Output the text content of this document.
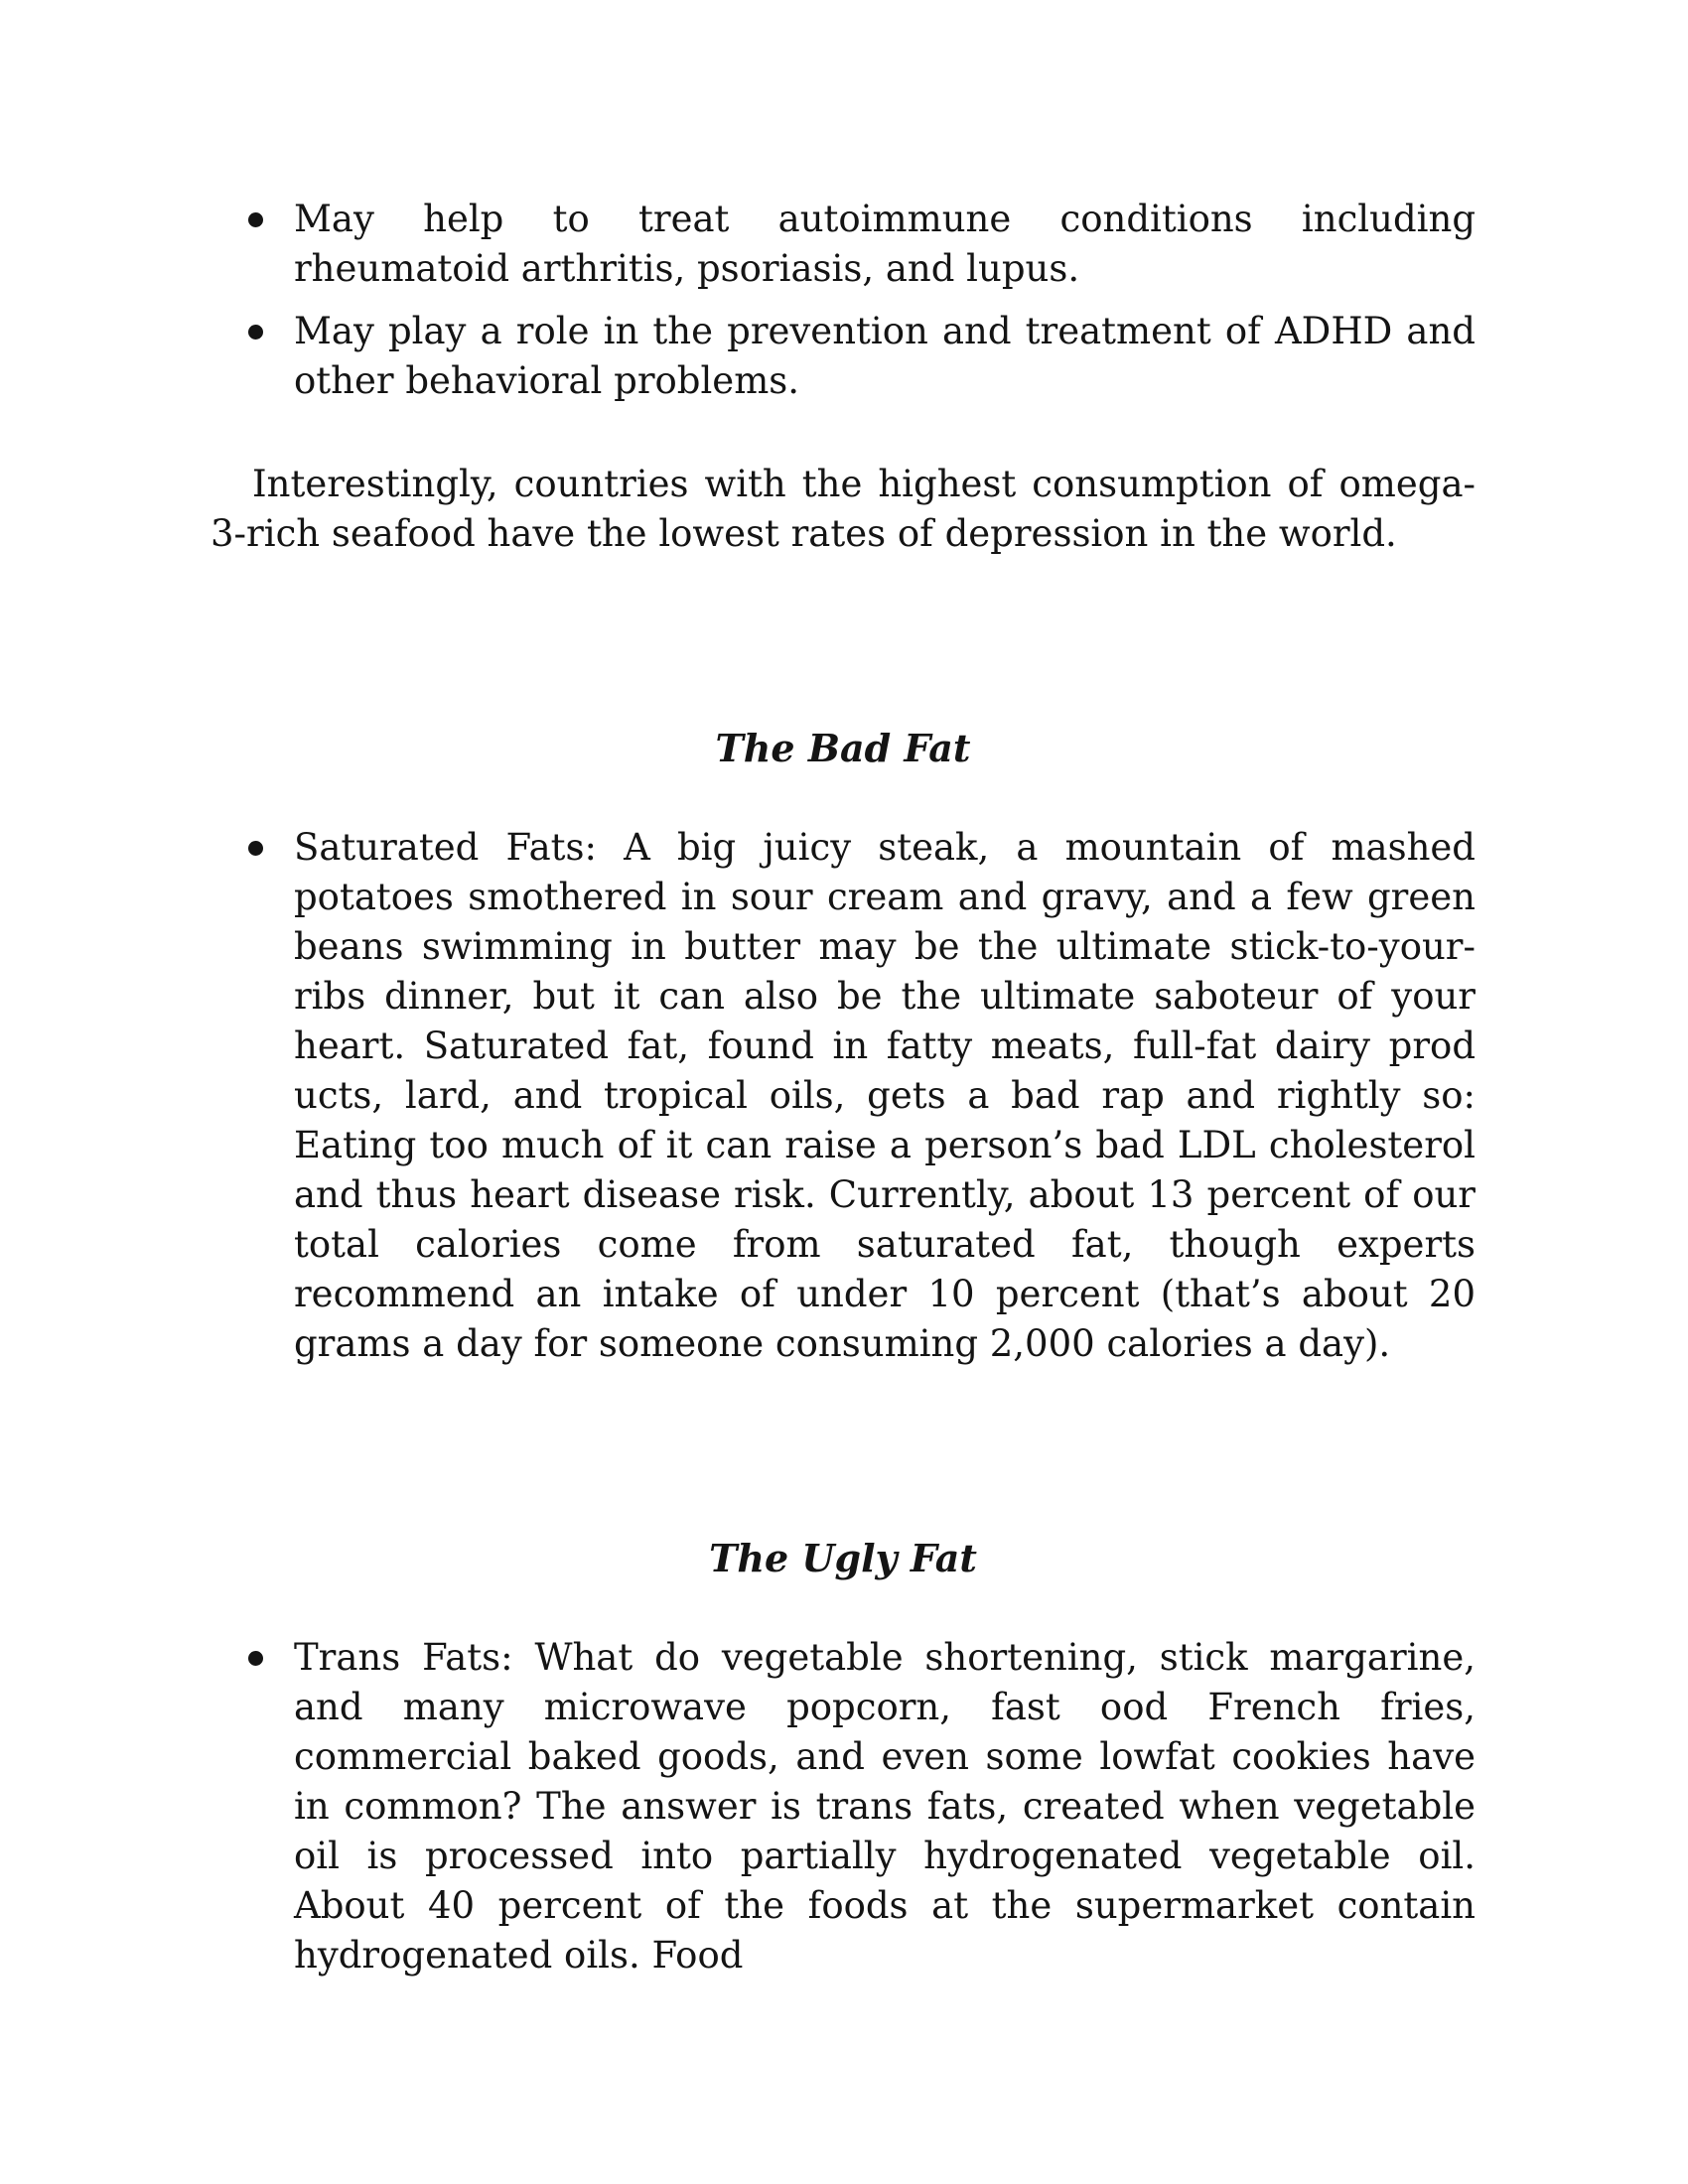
May help to treat autoimmune conditions including rheumatoid arthritis, psoriasis, and lupus.
May play a role in the prevention and treatment of ADHD and other behavioral problems.

Interestingly, countries with the highest consumption of omega-3-rich seafood have the lowest rates of depression in the world.

The Bad Fat
Saturated Fats: A big juicy steak, a mountain of mashed potatoes smothered in sour cream and gravy, and a few green beans swimming in butter may be the ultimate stick-to-your-ribs dinner, but it can also be the ultimate saboteur of your heart. Saturated fat, found in fatty meats, full-fat dairy prod ucts, lard, and tropical oils, gets a bad rap and rightly so: Eating too much of it can raise a person’s bad LDL cholesterol and thus heart disease risk. Currently, about 13 percent of our total calories come from saturated fat, though experts recommend an intake of under 10 percent (that’s about 20 grams a day for someone consuming 2,000 calories a day).
The Ugly Fat
Trans Fats: What do vegetable shortening, stick margarine, and many microwave popcorn, fast ood French fries, commercial baked goods, and even some lowfat cookies have in common? The answer is trans fats, created when vegetable oil is processed into partially hydrogenated vegetable oil. About 40 percent of the foods at the supermarket contain hydrogenated oils. Food
